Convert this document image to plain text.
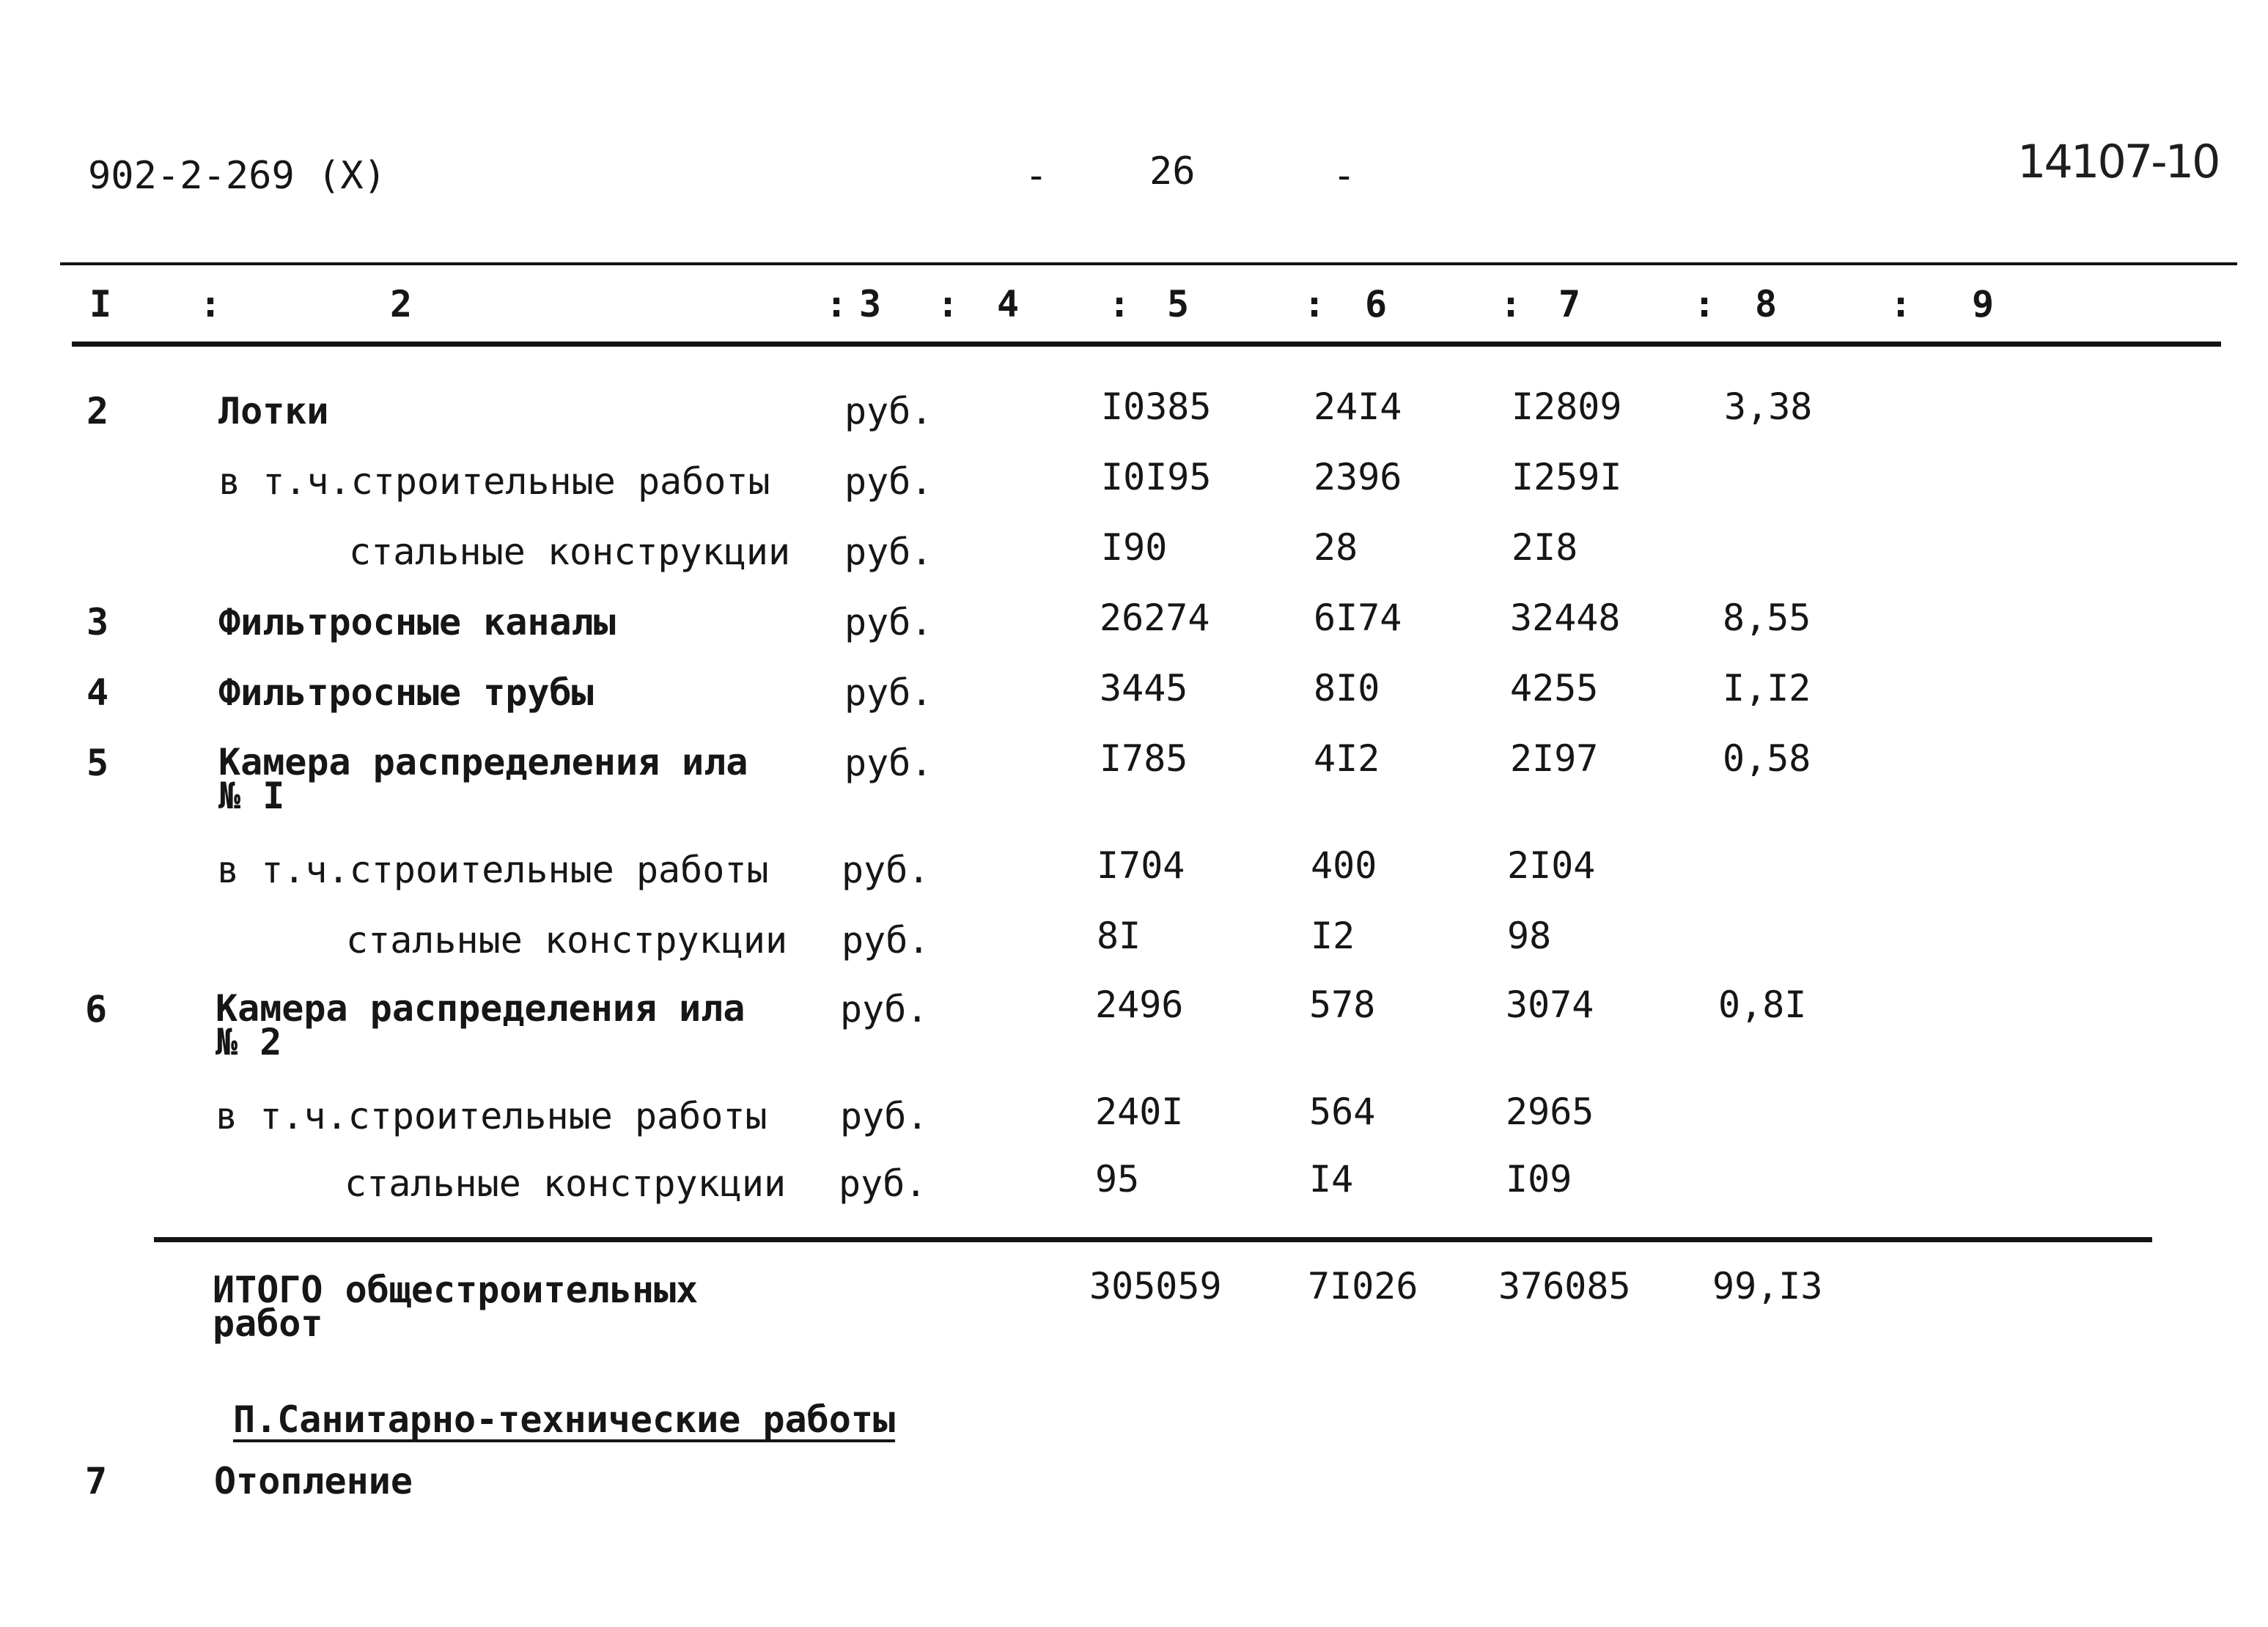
902-2-269 (X)	-	26	-	14107-10
I :	2	: 3 : 4 : 5	: 6	: 7	: 8	: 9
2	Лотки	руб.	I0385	24I4	I2809	3,38
в т.ч.строительные работы руб.	I0I95	2396	I259I
стальные конструкции руб.	I90	28	2I8
3	Фильтросные каналы	руб.	26274	6I74	32448	8,55
4	Фильтросные трубы	руб.	3445	8I0	4255	I,I2
5	Камера распределения ила
№ I
руб.	I785	4I2	2I97	0,58
в т.ч.строительные работы руб.	I704	400	2I04
стальные конструкции руб.	8I	I2	98
6	Камера распределения ила
№ 2
руб.	2496	578	3074	0,8I
в т.ч.строительные работы руб.	240I	564	2965
стальные конструкции руб.	95	I4	I09
ИТОГО общестроительных
работ
305059 7I026 376085 99,I3
П.Санитарно-технические работы
7	Отопление
